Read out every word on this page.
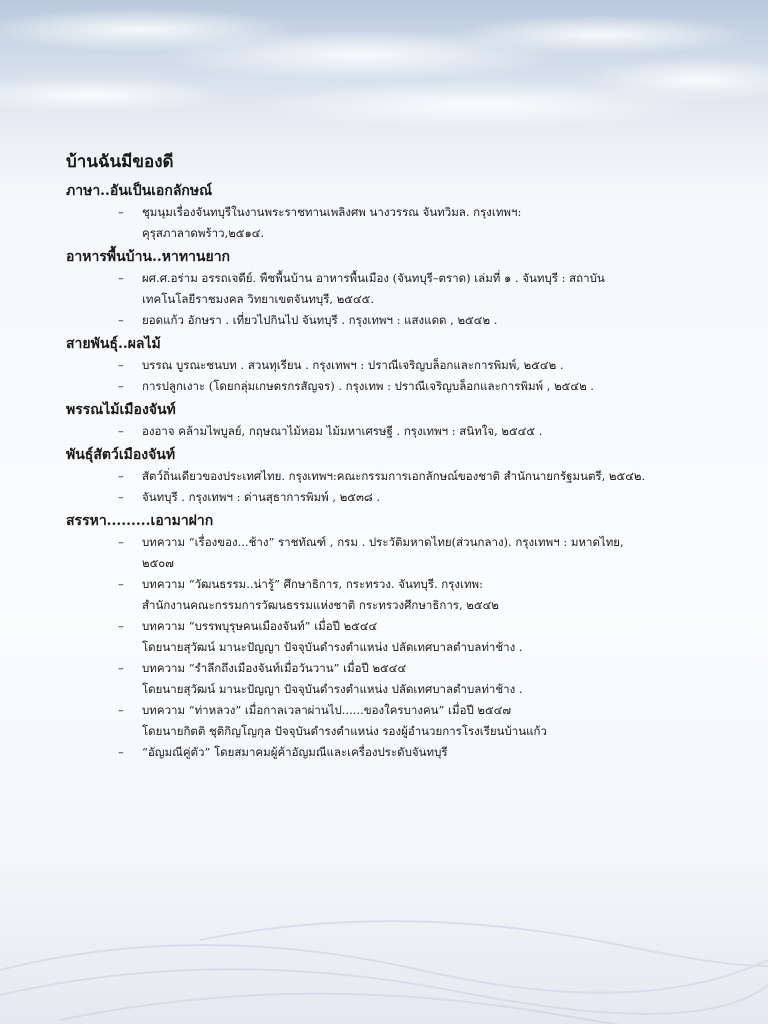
บ้านฉันมีของดี
ภาษา..อันเป็นเอกลักษณ์
– ชุมนุมเรื่องจันทบุรีในงานพระราชทานเพลิงศพ นางวรรณ จันทวิมล. กรุงเทพฯ:
คุรุสภาลาดพร้าว,๒๕๑๔.
อาหารพื้นบ้าน..หาทานยาก
– ผศ.ศ.อร่าม อรรถเจดีย์. พืชพื้นบ้าน อาหารพื้นเมือง (จันทบุรี–ตราด) เล่มที่ ๑ . จันทบุรี : สถาบัน
เทคโนโลยีราชมงคล วิทยาเขตจันทบุรี, ๒๕๔๕.
– ยอดแก้ว อักษรา . เที่ยวไปกินไป จันทบุรี . กรุงเทพฯ : แสงแดด , ๒๕๔๒ .
สายพันธุ์..ผลไม้
– บรรณ บูรณะชนบท . สวนทุเรียน . กรุงเทพฯ : ปราณีเจริญบล็อกและการพิมพ์, ๒๕๔๒ .
– การปลูกเงาะ (โดยกลุ่มเกษตรกรสัญจร) . กรุงเทพ : ปราณีเจริญบล็อกและการพิมพ์ , ๒๕๔๒ .
พรรณไม้เมืองจันท์
– องอาจ คล้ามไพบูลย์, กฤษณาไม้หอม ไม้มหาเศรษฐี . กรุงเทพฯ : สนิทใจ, ๒๕๔๕ .
พันธุ์สัตว์เมืองจันท์
– สัตว์ถิ่นเดียวของประเทศไทย. กรุงเทพฯ:คณะกรรมการเอกลักษณ์ของชาติ สำนักนายกรัฐมนตรี, ๒๕๔๒.
– จันทบุรี . กรุงเทพฯ : ด่านสุธาการพิมพ์ , ๒๕๓๘ .
สรรหา.........เอามาฝาก
– บทความ “เรื่องของ...ช้าง” ราชทัณฑ์ , กรม . ประวัติมหาดไทย(ส่วนกลาง). กรุงเทพฯ : มหาดไทย,
๒๕๐๗
– บทความ “วัฒนธรรม..น่ารู้” ศึกษาธิการ, กระทรวง. จันทบุรี. กรุงเทพ:
สำนักงานคณะกรรมการวัฒนธรรมแห่งชาติ กระทรวงศึกษาธิการ, ๒๕๔๒
– บทความ “บรรพบุรุษคนเมืองจันท์” เมื่อปี ๒๕๔๔
โดยนายสุวัฒน์ มานะปัญญา ปัจจุบันดำรงตำแหน่ง ปลัดเทศบาลตำบลท่าช้าง .
– บทความ “รำลึกถึงเมืองจันท์เมื่อวันวาน” เมื่อปี ๒๕๔๔
โดยนายสุวัฒน์ มานะปัญญา ปัจจุบันดำรงตำแหน่ง ปลัดเทศบาลตำบลท่าช้าง .
– บทความ “ท่าหลวง” เมื่อกาลเวลาผ่านไป......ของใครบางคน” เมื่อปี ๒๕๔๗
โดยนายกิตติ ชุติกิญโญกุล ปัจจุบันดำรงตำแหน่ง รองผู้อำนวยการโรงเรียนบ้านแก้ว
– “อัญมณีคู่ตัว” โดยสมาคมผู้ค้าอัญมณีและเครื่องประดับจันทบุรี
